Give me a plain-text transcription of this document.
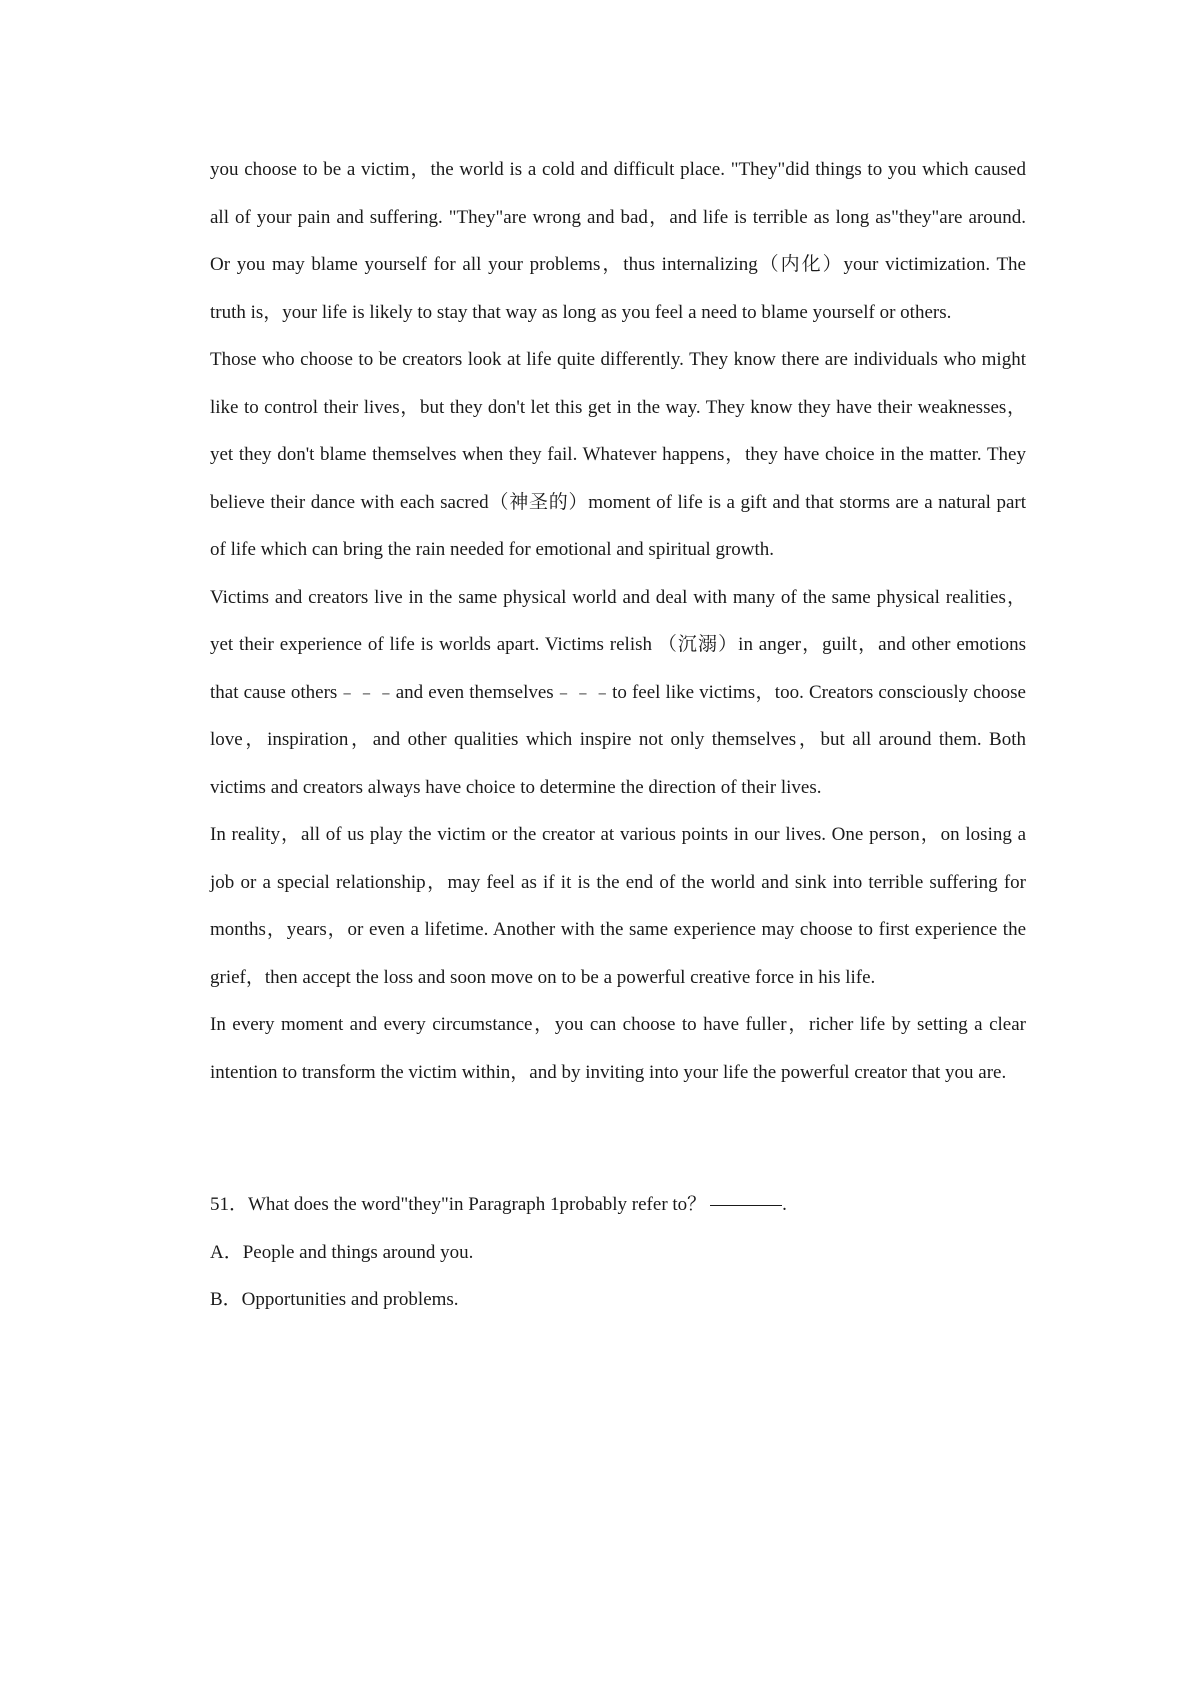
you choose to be a victim，the world is a cold and difficult place. "They"did things to you which caused all of your pain and suffering. "They"are wrong and bad，and life is terrible as long as"they"are around. Or you may blame yourself for all your problems，thus internalizing（内化）your victimization. The truth is，your life is likely to stay that way as long as you feel a need to blame yourself or others.

Those who choose to be creators look at life quite differently. They know there are individuals who might like to control their lives，but they don't let this get in the way. They know they have their weaknesses，yet they don't blame themselves when they fail. Whatever happens，they have choice in the matter. They believe their dance with each sacred（神圣的）moment of life is a gift and that storms are a natural part of life which can bring the rain needed for emotional and spiritual growth.

Victims and creators live in the same physical world and deal with many of the same physical realities，yet their experience of life is worlds apart. Victims relish （沉溺）in anger，guilt，and other emotions that cause others﹣﹣﹣and even themselves﹣﹣﹣to feel like victims，too. Creators consciously choose love，inspiration，and other qualities which inspire not only themselves，but all around them. Both victims and creators always have choice to determine the direction of their lives.

In reality，all of us play the victim or the creator at various points in our lives. One person，on losing a job or a special relationship，may feel as if it is the end of the world and sink into terrible suffering for months，years，or even a lifetime. Another with the same experience may choose to first experience the grief，then accept the loss and soon move on to be a powerful creative force in his life.

In every moment and every circumstance，you can choose to have fuller，richer life by setting a clear intention to transform the victim within，and by inviting into your life the powerful creator that you are.

51．What does the word"they"in Paragraph 1probably refer to？	.

A．People and things around you.

B．Opportunities and problems.
